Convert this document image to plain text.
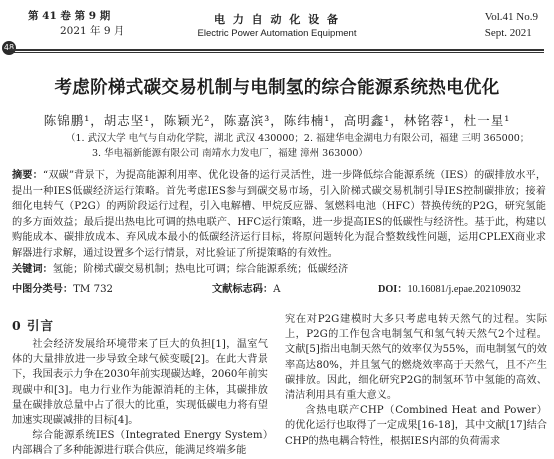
第 41 卷 第 9 期
2021 年 9 月
48
电 力 自 动 化 设 备
Electric Power Automation Equipment
Vol.41 No.9
Sept. 2021
考虑阶梯式碳交易机制与电制氢的综合能源系统热电优化
陈锦鹏¹，胡志坚¹，陈颖光²，陈嘉滨³，陈纬楠¹，高明鑫¹，林铭蓉¹，杜一星¹
（1. 武汉大学 电气与自动化学院，湖北 武汉 430000；2. 福建华电金湖电力有限公司，福建 三明 365000；
3. 华电福新能源有限公司 南靖水力发电厂，福建 漳州 363000）
摘要：“双碳”背景下，为提高能源利用率、优化设备的运行灵活性，进一步降低综合能源系统（IES）的碳排放水平，提出一种IES低碳经济运行策略。首先考虑IES参与到碳交易市场，引入阶梯式碳交易机制引导IES控制碳排放；接着细化电转气（P2G）的两阶段运行过程，引入电解槽、甲烷反应器、氢燃料电池（HFC）替换传统的P2G，研究氢能的多方面效益；最后提出热电比可调的热电联产、HFC运行策略，进一步提高IES的低碳性与经济性。基于此，构建以购能成本、碳排放成本、弃风成本最小的低碳经济运行目标，将原问题转化为混合整数线性问题，运用CPLEX商业求解器进行求解，通过设置多个运行情景，对比验证了所提策略的有效性。
关键词：氢能；阶梯式碳交易机制；热电比可调；综合能源系统；低碳经济
中图分类号：TM 732	文献标志码：A	DOI：10.16081/j.epae.202109032
0 引言

社会经济发展给环境带来了巨大的负担[1]，温室气体的大量排放进一步导致全球气候变暖[2]。在此大背景下，我国表示力争在2030年前实现碳达峰，2060年前实现碳中和[3]。电力行业作为能源消耗的主体，其碳排放量在碳排放总量中占了很大的比重，实现低碳电力将有望加速实现碳减排的目标[4]。

综合能源系统IES（Integrated Energy System）内部耦合了多种能源进行联合供应，能满足终端多能

究在对P2G建模时大多只考虑电转天然气的过程。实际上，P2G的工作包含电制氢气和氢气转天然气2个过程。文献[5]指出电制天然气的效率仅为55%，而电制氢气的效率高达80%，并且氢气的燃烧效率高于天然气，且不产生碳排放。因此，细化研究P2G的制氢环节中氢能的高效、清洁利用具有重大意义。

含热电联产CHP（Combined Heat and Power）的优化运行也取得了一定成果[16-18]，其中文献[17]结合CHP的热电耦合特性，根据IES内部的负荷需求
